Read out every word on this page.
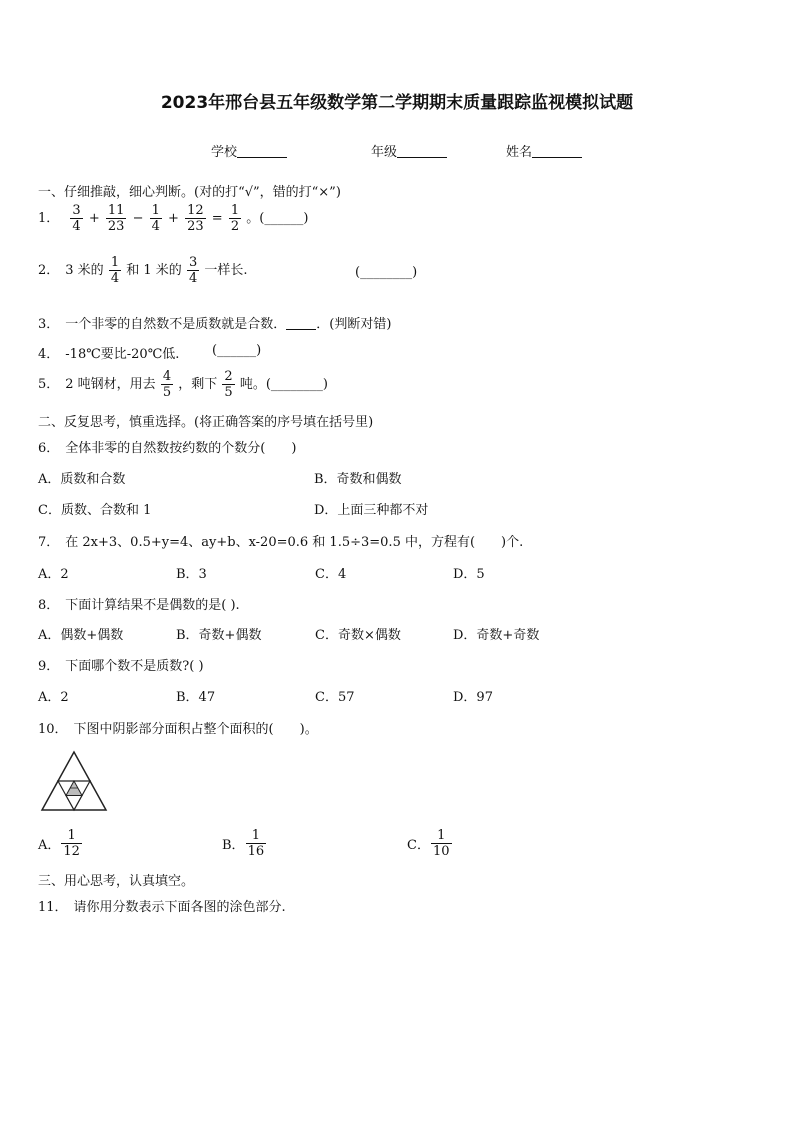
2023年邢台县五年级数学第二学期期末质量跟踪监视模拟试题
学校	年级	姓名
一、仔细推敲，细心判断。(对的打“√”，错的打“×”)
1． $\frac{3}{4} + \frac{11}{23} - \frac{1}{4} + \frac{12}{23} = \frac{1}{2}$ 。(______)
2． 3 米的 $\frac{1}{4}$ 和 1 米的 $\frac{3}{4}$ 一样长.	(________)
3． 一个非零的自然数不是质数就是合数． ．(判断对错)
4． -18℃要比-20℃低.	(______)
5． 2 吨钢材，用去 $\frac{4}{5}$ ，剩下 $\frac{2}{5}$ 吨。(________)
二、反复思考，慎重选择。(将正确答案的序号填在括号里)
6． 全体非零的自然数按约数的个数分(　　)
A．质数和合数	B．奇数和偶数
C．质数、合数和 1	D．上面三种都不对
7． 在 2x+3、0.5+y=4、ay+b、x-20=0.6 和 1.5÷3=0.5 中，方程有(　　)个.
A．2	B．3	C．4	D．5
8． 下面计算结果不是偶数的是( ).
A．偶数+偶数	B．奇数+偶数	C．奇数×偶数	D．奇数+奇数
9． 下面哪个数不是质数?( )
A．2	B．47	C．57	D．97
10． 下图中阴影部分面积占整个面积的(　　)。
A． $\frac{1}{12}$	B． $\frac{1}{16}$	C． $\frac{1}{10}$
三、用心思考，认真填空。
11． 请你用分数表示下面各图的涂色部分.
